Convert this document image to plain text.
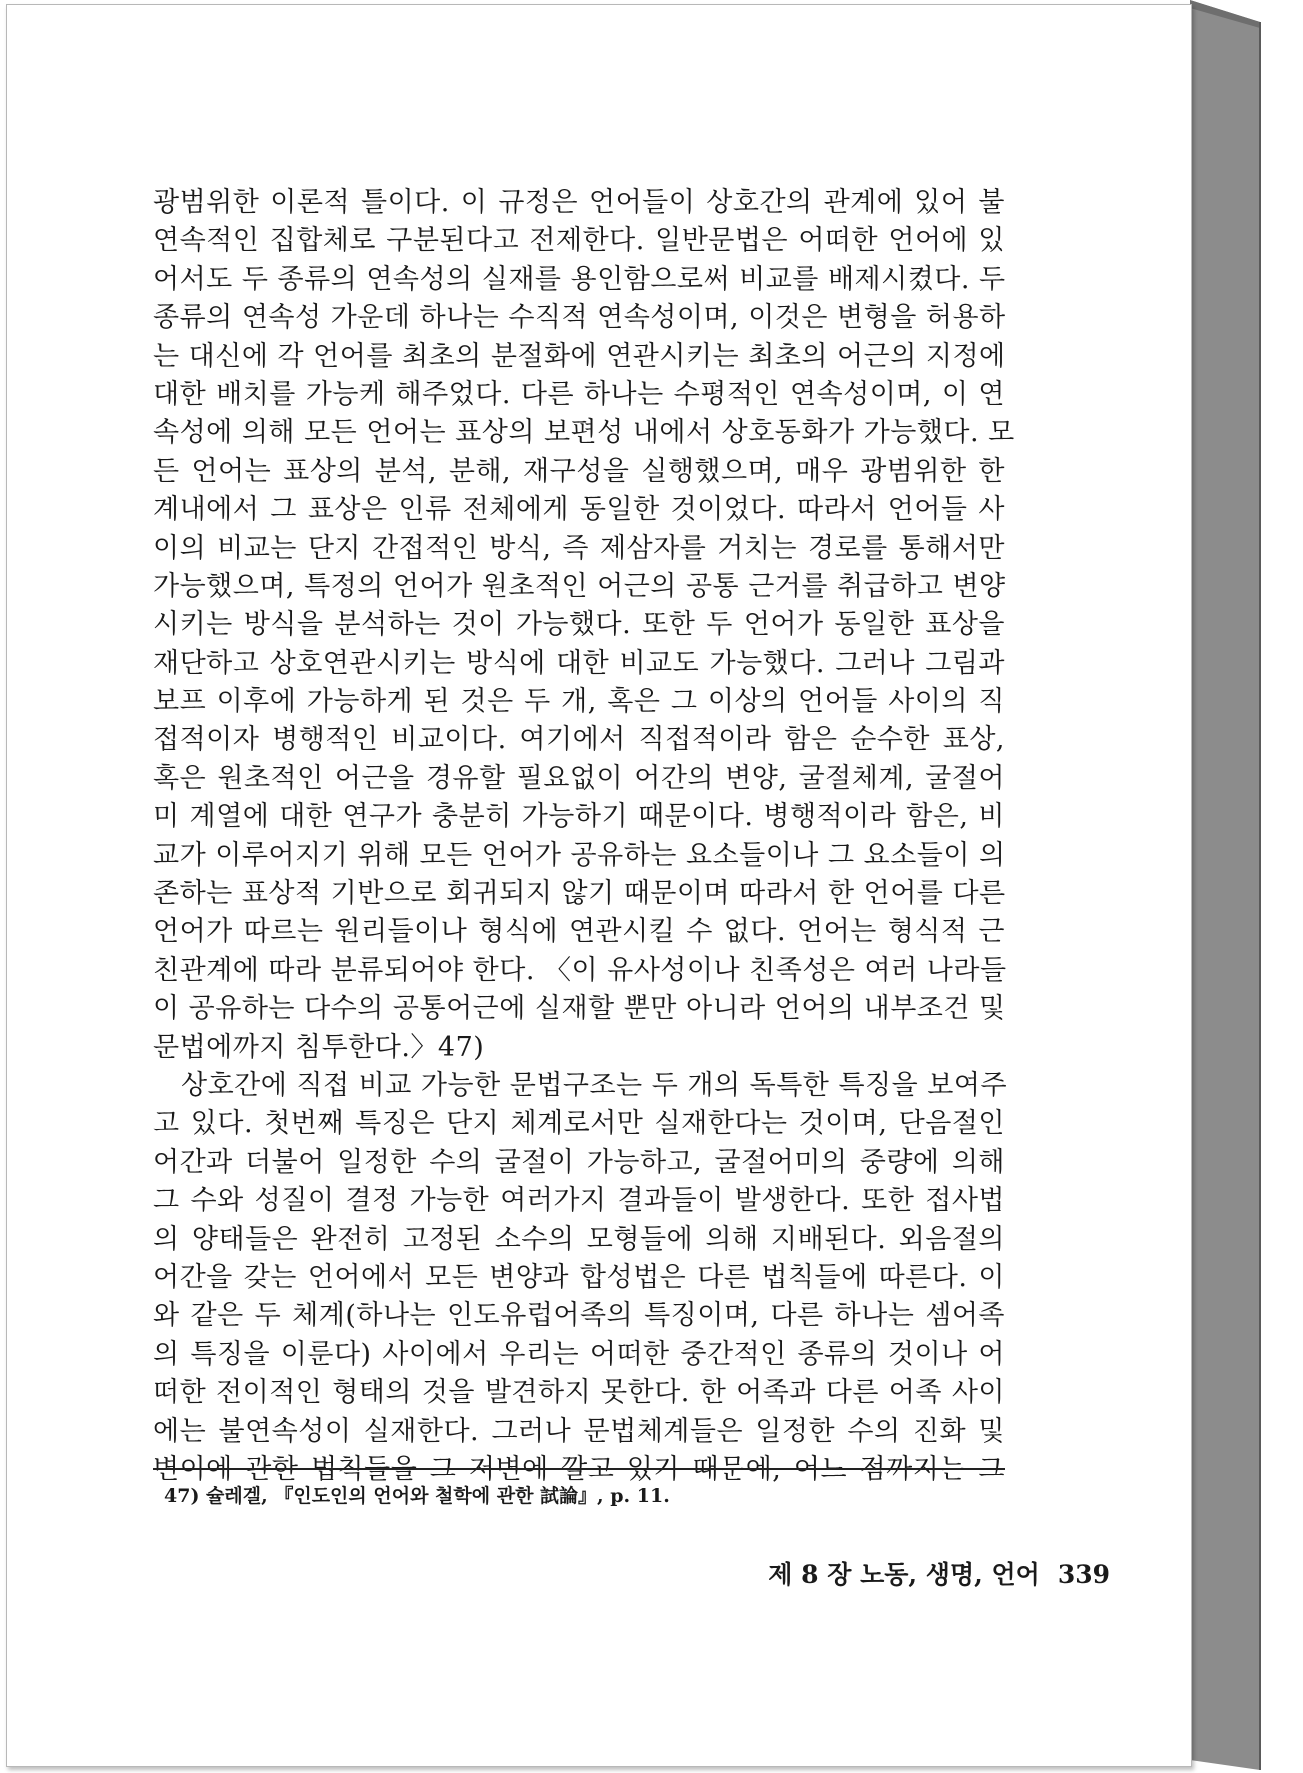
광범위한 이론적 틀이다. 이 규정은 언어들이 상호간의 관계에 있어 불
연속적인 집합체로 구분된다고 전제한다. 일반문법은 어떠한 언어에 있
어서도 두 종류의 연속성의 실재를 용인함으로써 비교를 배제시켰다. 두
종류의 연속성 가운데 하나는 수직적 연속성이며, 이것은 변형을 허용하
는 대신에 각 언어를 최초의 분절화에 연관시키는 최초의 어근의 지정에
대한 배치를 가능케 해주었다. 다른 하나는 수평적인 연속성이며, 이 연
속성에 의해 모든 언어는 표상의 보편성 내에서 상호동화가 가능했다. 모
든 언어는 표상의 분석, 분해, 재구성을 실행했으며, 매우 광범위한 한
계내에서 그 표상은 인류 전체에게 동일한 것이었다. 따라서 언어들 사
이의 비교는 단지 간접적인 방식, 즉 제삼자를 거치는 경로를 통해서만
가능했으며, 특정의 언어가 원초적인 어근의 공통 근거를 취급하고 변양
시키는 방식을 분석하는 것이 가능했다. 또한 두 언어가 동일한 표상을
재단하고 상호연관시키는 방식에 대한 비교도 가능했다. 그러나 그림과
보프 이후에 가능하게 된 것은 두 개, 혹은 그 이상의 언어들 사이의 직
접적이자 병행적인 비교이다. 여기에서 직접적이라 함은 순수한 표상,
혹은 원초적인 어근을 경유할 필요없이 어간의 변양, 굴절체계, 굴절어
미 계열에 대한 연구가 충분히 가능하기 때문이다. 병행적이라 함은, 비
교가 이루어지기 위해 모든 언어가 공유하는 요소들이나 그 요소들이 의
존하는 표상적 기반으로 회귀되지 않기 때문이며 따라서 한 언어를 다른
언어가 따르는 원리들이나 형식에 연관시킬 수 없다. 언어는 형식적 근
친관계에 따라 분류되어야 한다. 〈이 유사성이나 친족성은 여러 나라들
이 공유하는 다수의 공통어근에 실재할 뿐만 아니라 언어의 내부조건 및
문법에까지 침투한다.〉47)
상호간에 직접 비교 가능한 문법구조는 두 개의 독특한 특징을 보여주
고 있다. 첫번째 특징은 단지 체계로서만 실재한다는 것이며, 단음절인
어간과 더불어 일정한 수의 굴절이 가능하고, 굴절어미의 중량에 의해
그 수와 성질이 결정 가능한 여러가지 결과들이 발생한다. 또한 접사법
의 양태들은 완전히 고정된 소수의 모형들에 의해 지배된다. 외음절의
어간을 갖는 언어에서 모든 변양과 합성법은 다른 법칙들에 따른다. 이
와 같은 두 체계(하나는 인도유럽어족의 특징이며, 다른 하나는 셈어족
의 특징을 이룬다) 사이에서 우리는 어떠한 중간적인 종류의 것이나 어
떠한 전이적인 형태의 것을 발견하지 못한다. 한 어족과 다른 어족 사이
에는 불연속성이 실재한다. 그러나 문법체계들은 일정한 수의 진화 및
변이에 관한 법칙들을 그 저변에 깔고 있기 때문에, 어느 점까지는 그
47) 슐레겔, 『인도인의 언어와 철학에 관한 試論』, p. 11.
제 8 장 노동, 생명, 언어 339
